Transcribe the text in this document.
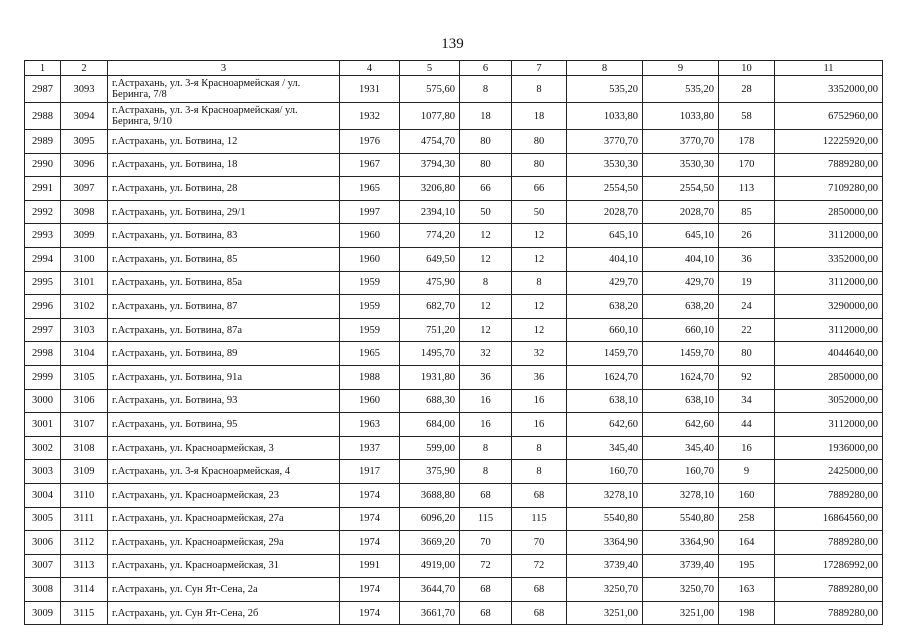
139
1	2	3	4	5	6	7	8	9	10	11
2987	3093	г.Астрахань, ул. 3-я Красноармейская / ул. Беринга, 7/8	1931	575,60	8	8	535,20	535,20	28	3352000,00
2988	3094	г.Астрахань, ул. 3-я Красноармейская/ ул. Беринга, 9/10	1932	1077,80	18	18	1033,80	1033,80	58	6752960,00
2989	3095	г.Астрахань, ул. Ботвина, 12	1976	4754,70	80	80	3770,70	3770,70	178	12225920,00
2990	3096	г.Астрахань, ул. Ботвина, 18	1967	3794,30	80	80	3530,30	3530,30	170	7889280,00
2991	3097	г.Астрахань, ул. Ботвина, 28	1965	3206,80	66	66	2554,50	2554,50	113	7109280,00
2992	3098	г.Астрахань, ул. Ботвина, 29/1	1997	2394,10	50	50	2028,70	2028,70	85	2850000,00
2993	3099	г.Астрахань, ул. Ботвина, 83	1960	774,20	12	12	645,10	645,10	26	3112000,00
2994	3100	г.Астрахань, ул. Ботвина, 85	1960	649,50	12	12	404,10	404,10	36	3352000,00
2995	3101	г.Астрахань, ул. Ботвина, 85а	1959	475,90	8	8	429,70	429,70	19	3112000,00
2996	3102	г.Астрахань, ул. Ботвина, 87	1959	682,70	12	12	638,20	638,20	24	3290000,00
2997	3103	г.Астрахань, ул. Ботвина, 87а	1959	751,20	12	12	660,10	660,10	22	3112000,00
2998	3104	г.Астрахань, ул. Ботвина, 89	1965	1495,70	32	32	1459,70	1459,70	80	4044640,00
2999	3105	г.Астрахань, ул. Ботвина, 91а	1988	1931,80	36	36	1624,70	1624,70	92	2850000,00
3000	3106	г.Астрахань, ул. Ботвина, 93	1960	688,30	16	16	638,10	638,10	34	3052000,00
3001	3107	г.Астрахань, ул. Ботвина, 95	1963	684,00	16	16	642,60	642,60	44	3112000,00
3002	3108	г.Астрахань, ул. Красноармейская, 3	1937	599,00	8	8	345,40	345,40	16	1936000,00
3003	3109	г.Астрахань, ул. 3-я Красноармейская, 4	1917	375,90	8	8	160,70	160,70	9	2425000,00
3004	3110	г.Астрахань, ул. Красноармейская, 23	1974	3688,80	68	68	3278,10	3278,10	160	7889280,00
3005	3111	г.Астрахань, ул. Красноармейская, 27а	1974	6096,20	115	115	5540,80	5540,80	258	16864560,00
3006	3112	г.Астрахань, ул. Красноармейская, 29а	1974	3669,20	70	70	3364,90	3364,90	164	7889280,00
3007	3113	г.Астрахань, ул. Красноармейская, 31	1991	4919,00	72	72	3739,40	3739,40	195	17286992,00
3008	3114	г.Астрахань, ул. Сун Ят-Сена, 2а	1974	3644,70	68	68	3250,70	3250,70	163	7889280,00
3009	3115	г.Астрахань, ул. Сун Ят-Сена, 2б	1974	3661,70	68	68	3251,00	3251,00	198	7889280,00
